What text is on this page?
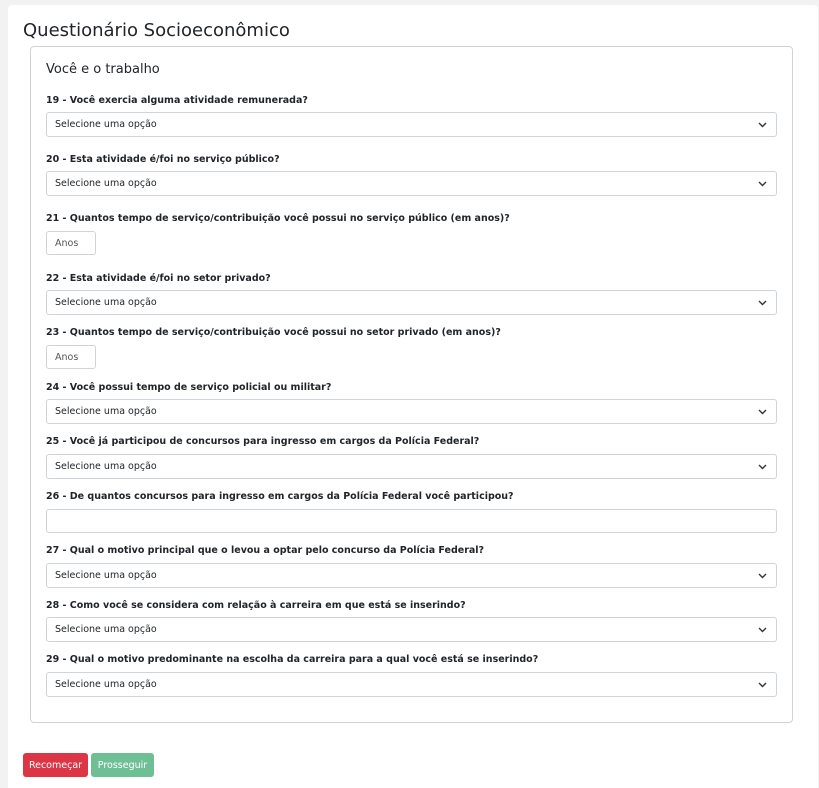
Questionário Socioeconômico
Você e o trabalho
19 - Você exercia alguma atividade remunerada?
Selecione uma opção
20 - Esta atividade é/foi no serviço público?
Selecione uma opção
21 - Quantos tempo de serviço/contribuição você possui no serviço público (em anos)?
Anos
22 - Esta atividade é/foi no setor privado?
Selecione uma opção
23 - Quantos tempo de serviço/contribuição você possui no setor privado (em anos)?
Anos
24 - Você possui tempo de serviço policial ou militar?
Selecione uma opção
25 - Você já participou de concursos para ingresso em cargos da Polícia Federal?
Selecione uma opção
26 - De quantos concursos para ingresso em cargos da Polícia Federal você participou?
27 - Qual o motivo principal que o levou a optar pelo concurso da Polícia Federal?
Selecione uma opção
28 - Como você se considera com relação à carreira em que está se inserindo?
Selecione uma opção
29 - Qual o motivo predominante na escolha da carreira para a qual você está se inserindo?
Selecione uma opção
Recomeçar	Prosseguir
